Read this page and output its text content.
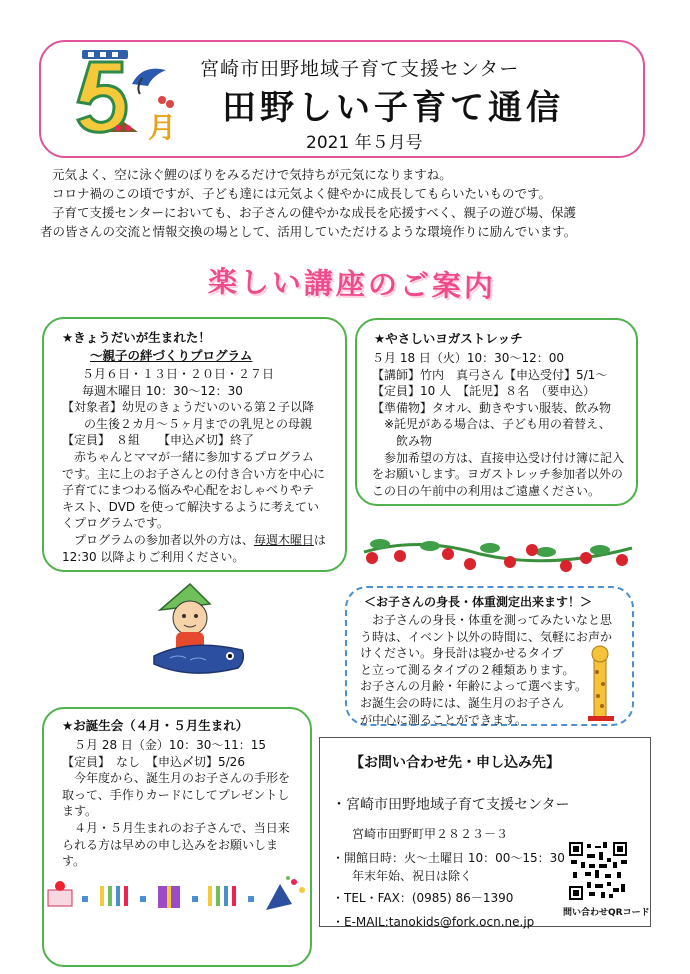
月
宮崎市田野地域子育て支援センター
田野しい子育て通信
2021 年５月号

元気よく、空に泳ぐ鯉のぼりをみるだけで気持ちが元気になりますね。

コロナ禍のこの頃ですが、子ども達には元気よく健やかに成長してもらいたいものです。

子育て支援センターにおいても、お子さんの健やかな成長を応援すべく、親子の遊び場、保護

者の皆さんの交流と情報交換の場として、活用していただけるような環境作りに励んでいます。

楽しい講座のご案内
★きょうだいが生まれた！
～親子の絆づくりプログラム
５月６日・１３日・２０日・２７日
毎週木曜日 10：30～12：30
【対象者】幼児のきょうだいのいる第２子以降
の生後２カ月～５ヶ月までの乳児との母親
【定員】　８組　　【申込〆切】終了
赤ちゃんとママが一緒に参加するプログラム
です。主に上のお子さんとの付き合い方を中心に
子育てにまつわる悩みや心配をおしゃべりやテ
キスト、DVD を使って解決するように考えてい
くプログラムです。
プログラムの参加者以外の方は、毎週木曜日は
12:30 以降よりご利用ください。
★やさしいヨガストレッチ
５月 18 日（火）10：30～12：00
【講師】竹内　真弓さん【申込受付】5/1～
【定員】10 人　【託児】８名　（要申込）
【準備物】タオル、動きやすい服装、飲み物
※託児がある場合は、子ども用の着替え、
飲み物
参加希望の方は、直接申込受け付け簿に記入
をお願いします。ヨガストレッチ参加者以外の
この日の午前中の利用はご遠慮ください。
＜お子さんの身長・体重測定出来ます！＞
お子さんの身長・体重を測ってみたいなと思
う時は、イベント以外の時間に、気軽にお声か
けください。身長計は寝かせるタイプ
と立って測るタイプの２種類あります。
お子さんの月齢・年齢によって選べます。
お誕生会の時には、誕生月のお子さん
が中心に測ることができます。
★お誕生会（４月・５月生まれ）
５月 28 日（金）10：30～11：15
【定員】　なし　【申込〆切】5/26
今年度から、誕生月のお子さんの手形を
取って、手作りカードにしてプレゼントし
ます。
４月・５月生まれのお子さんで、当日来
られる方は早めの申し込みをお願いしま
す。
【お問い合わせ先・申し込み先】
・宮崎市田野地域子育て支援センター
宮崎市田野町甲２８２３－３
・開館日時：火～土曜日 10：00～15：30
年末年始、祝日は除く
・TEL・FAX：(0985) 86－1390
・E-MAIL:tanokids@fork.ocn.ne.jp
問い合わせQRコード
